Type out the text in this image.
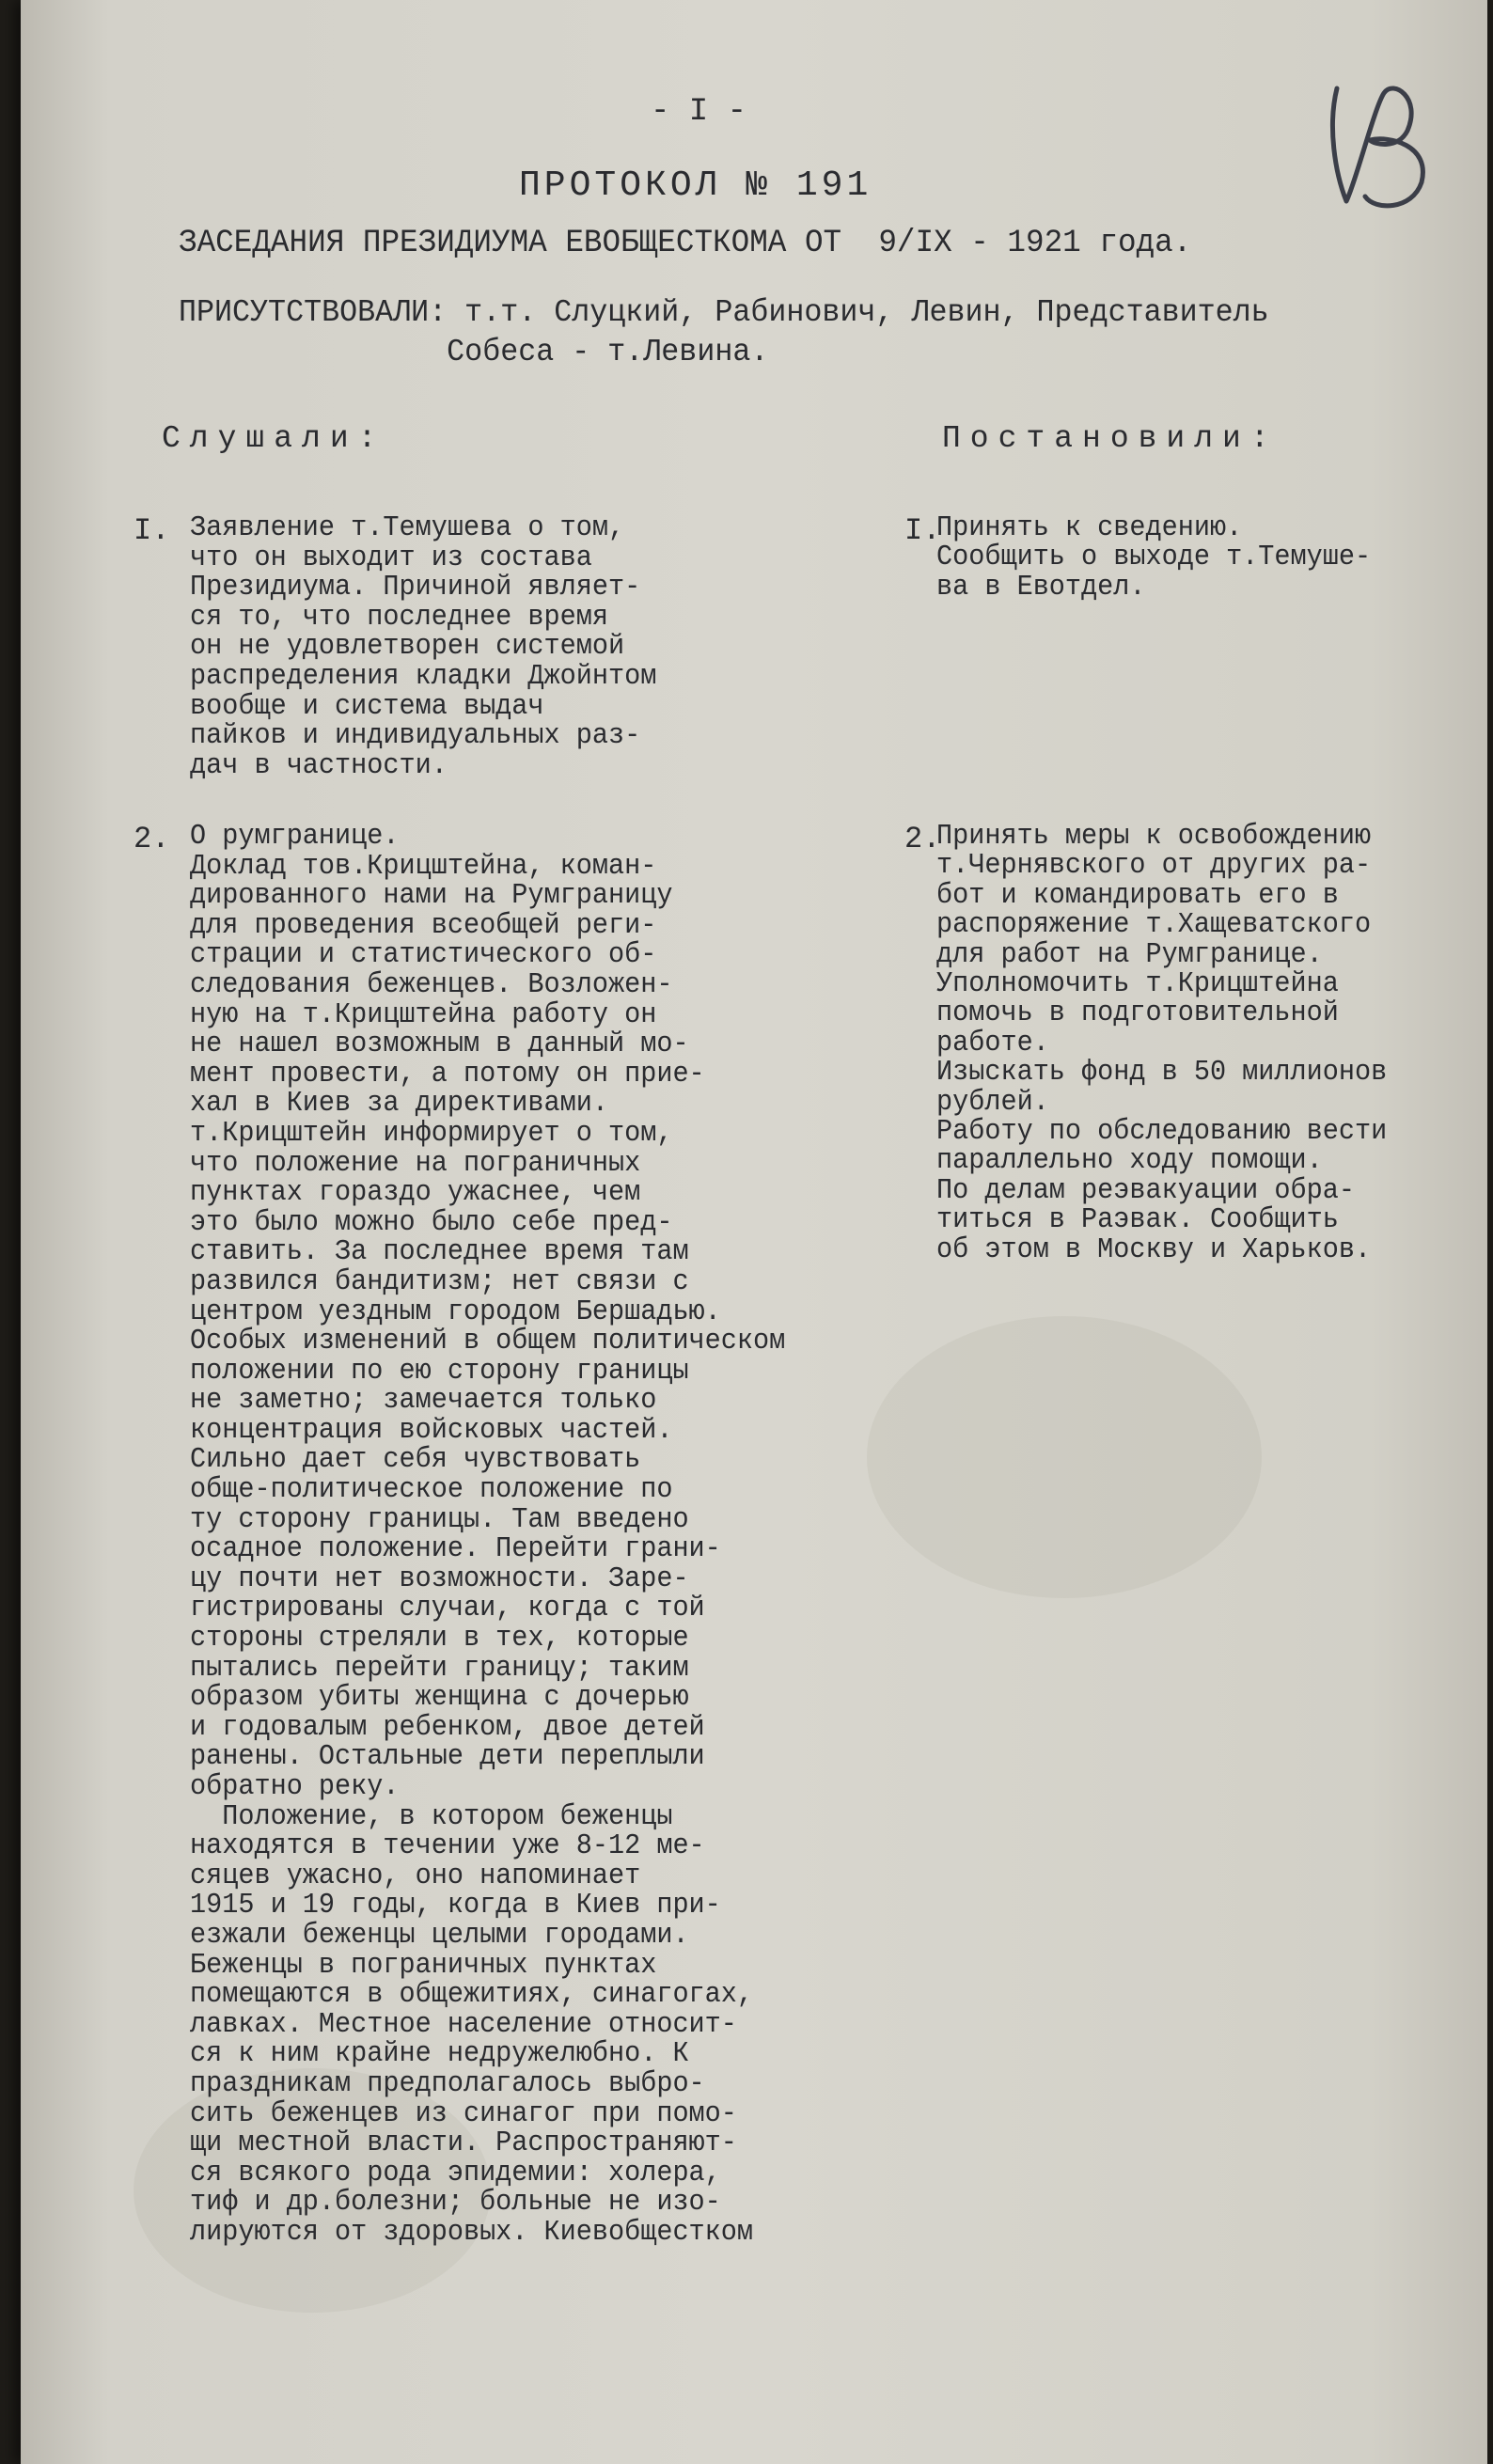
- I -
ПРОТОКОЛ № 191
ЗАСЕДАНИЯ ПРЕЗИДИУМА ЕВОБЩЕСТКОМА ОТ  9/IX - 1921 года.
ПРИСУТСТВОВАЛИ: т.т. Слуцкий, Рабинович, Левин, Представитель
Собеса - т.Левина.
Слушали:	Постановили:
I. Заявление т.Темушева о том,
что он выходит из состава
Президиума. Причиной являет-
ся то, что последнее время
он не удовлетворен системой
распределения кладки Джойнтом
вообще и система выдач
пайков и индивидуальных раз-
дач в частности.
2. О румгранице.
Доклад тов.Крицштейна, коман-
дированного нами на Румграницу
для проведения всеобщей реги-
страции и статистического об-
следования беженцев. Возложен-
ную на т.Крицштейна работу он
не нашел возможным в данный мо-
мент провести, а потому он прие-
хал в Киев за директивами.
т.Крицштейн информирует о том,
что положение на пограничных
пунктах гораздо ужаснее, чем
это было можно было себе пред-
ставить. За последнее время там
развился бандитизм; нет связи с
центром уездным городом Бершадью.
Особых изменений в общем политическом
положении по ею сторону границы
не заметно; замечается только
концентрация войсковых частей.
Сильно дает себя чувствовать
обще-политическое положение по
ту сторону границы. Там введено
осадное положение. Перейти грани-
цу почти нет возможности. Заре-
гистрированы случаи, когда с той
стороны стреляли в тех, которые
пытались перейти границу; таким
образом убиты женщина с дочерью
и годовалым ребенком, двое детей
ранены. Остальные дети переплыли
обратно реку.
Положение, в котором беженцы
находятся в течении уже 8-12 ме-
сяцев ужасно, оно напоминает
1915 и 19 годы, когда в Киев при-
езжали беженцы целыми городами.
Беженцы в пограничных пунктах
помещаются в общежитиях, синагогах,
лавках. Местное население относит-
ся к ним крайне недружелюбно. К
праздникам предполагалось выбро-
сить беженцев из синагог при помо-
щи местной власти. Распространяют-
ся всякого рода эпидемии: холера,
тиф и др.болезни; больные не изо-
лируются от здоровых. Киевобщестком
I.
Принять к сведению.
Сообщить о выходе т.Темуше-
ва в Евотдел.
2.
Принять меры к освобождению
т.Чернявского от других ра-
бот и командировать его в
распоряжение т.Хащеватского
для работ на Румгранице.
Уполномочить т.Крицштейна
помочь в подготовительной
работе.
Изыскать фонд в 50 миллионов
рублей.
Работу по обследованию вести
параллельно ходу помощи.
По делам реэвакуации обра-
титься в Раэвак. Сообщить
об этом в Москву и Харьков.
